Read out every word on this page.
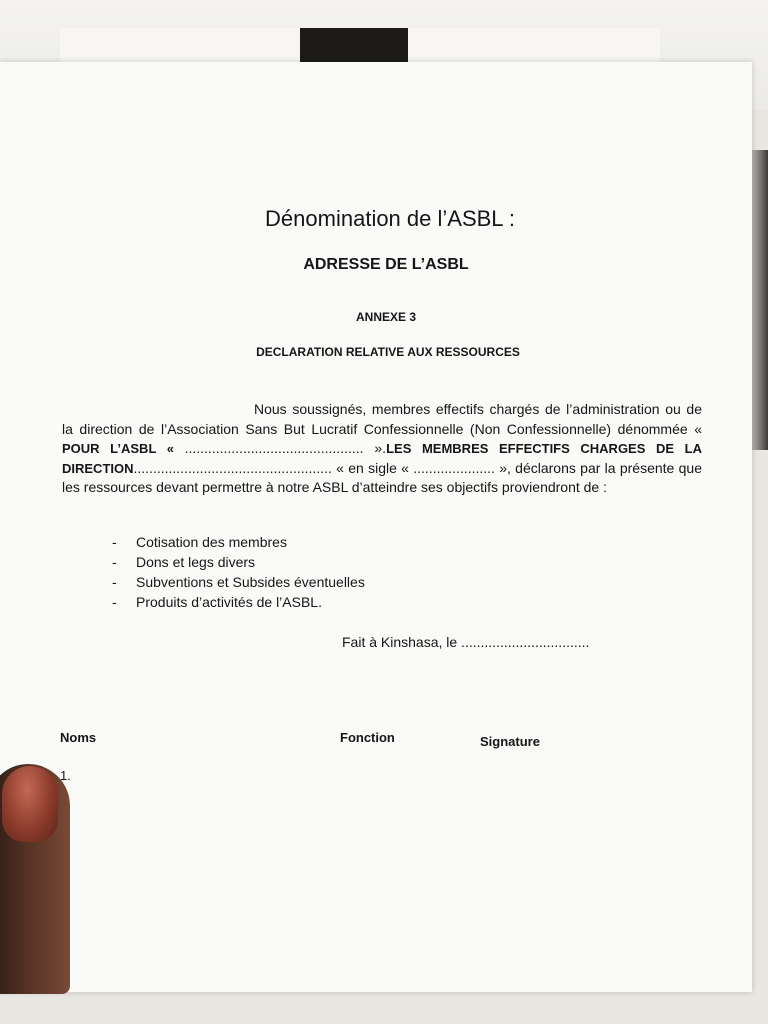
Dénomination de l’ASBL :
ADRESSE DE L’ASBL
ANNEXE 3
DECLARATION RELATIVE AUX RESSOURCES
Nous soussignés, membres effectifs chargés de l’administration ou de la direction de l’Association Sans But Lucratif Confessionnelle (Non Confessionnelle) dénommée « POUR L’ASBL « .............................................. ».LES MEMBRES EFFECTIFS CHARGES DE LA DIRECTION................................................... « en sigle « ..................... », déclarons par la présente que les ressources devant permettre à notre ASBL d’atteindre ses objectifs proviendront de :
- Cotisation des membres
- Dons et legs divers
- Subventions et Subsides éventuelles
- Produits d’activités de l’ASBL.
Fait à Kinshasa, le .................................
Noms	Fonction	Signature
1.
